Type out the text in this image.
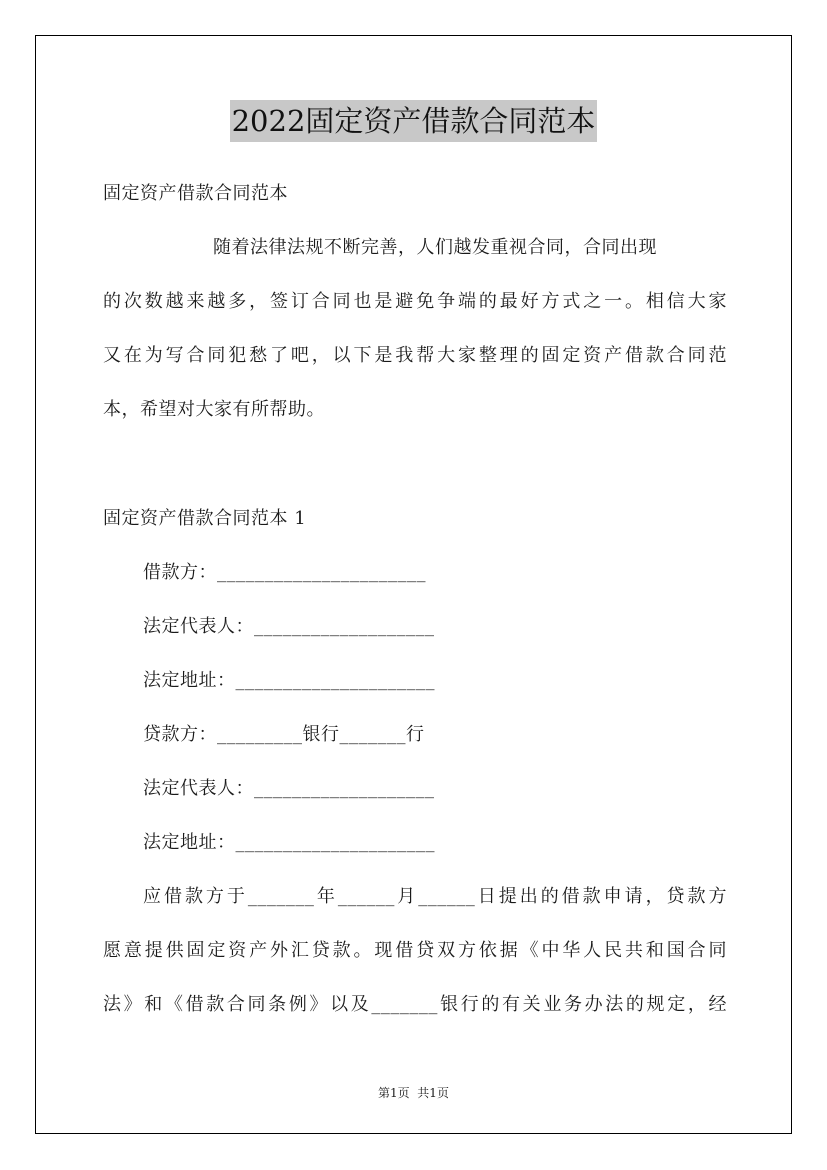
2022固定资产借款合同范本
固定资产借款合同范本
随着法律法规不断完善，人们越发重视合同，合同出现
的次数越来越多，签订合同也是避免争端的最好方式之一。相信大家
又在为写合同犯愁了吧，以下是我帮大家整理的固定资产借款合同范
本，希望对大家有所帮助。
固定资产借款合同范本 1
借款方：______________________
法定代表人：___________________
法定地址：_____________________
贷款方：_________银行_______行
法定代表人：___________________
法定地址：_____________________
应借款方于_______年______月______日提出的借款申请，贷款方
愿意提供固定资产外汇贷款。现借贷双方依据《中华人民共和国合同
法》和《借款合同条例》以及_______银行的有关业务办法的规定，经
第1页  共1页
